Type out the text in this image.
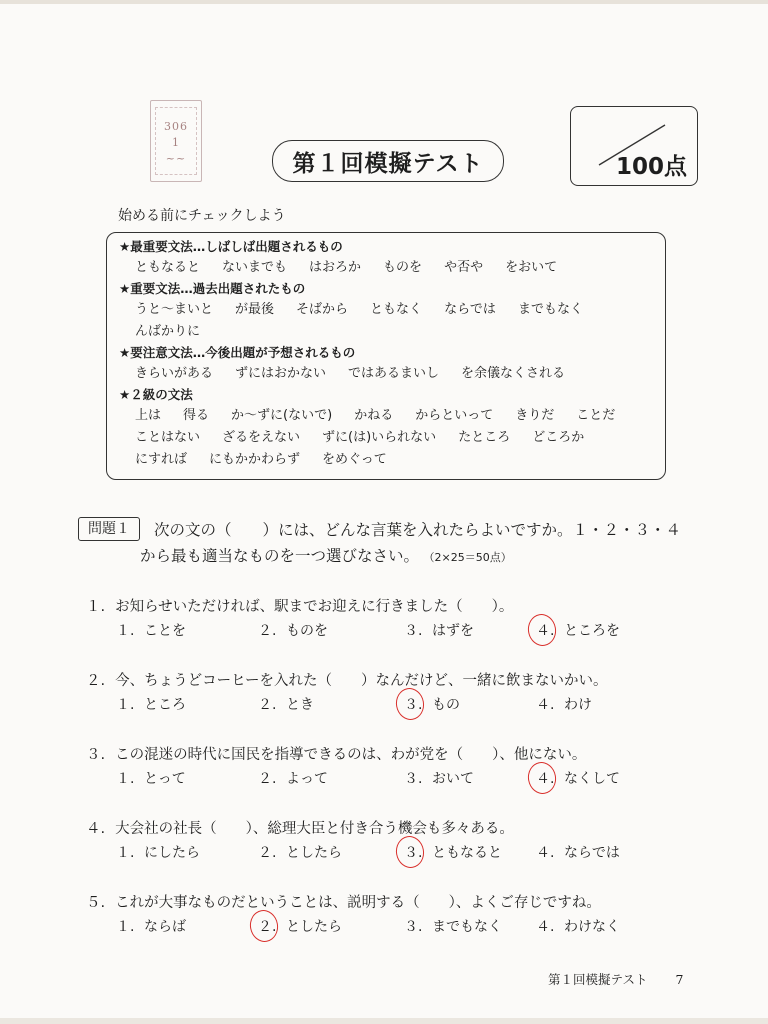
306
1
~~	第１回模擬テスト	100点
始める前にチェックしよう
★最重要文法…しばしば出題されるもの
ともなると ないまでも はおろか ものを や否や をおいて
★重要文法…過去出題されたもの
うと～まいと が最後 そばから ともなく ならでは までもなく
んばかりに
★要注意文法…今後出題が予想されるもの
きらいがある ずにはおかない ではあるまいし を余儀なくされる
★２級の文法
上は 得る か～ずに(ないで) かねる からといって きりだ ことだ
ことはない ざるをえない ずに(は)いられない たところ どころか
にすれば にもかかわらず をめぐって
問題１	次の文の（　　）には、どんな言葉を入れたらよいですか。１・２・３・４
から最も適当なものを一つ選びなさい。 （2×25＝50点）
１. お知らせいただければ、駅までお迎えに行きました（　　）。
１. ことを	２. ものを	３. はずを	４. ところを
２. 今、ちょうどコーヒーを入れた（　　）なんだけど、一緒に飲まないかい。
１. ところ	２. とき	３. もの	４. わけ
３. この混迷の時代に国民を指導できるのは、わが党を（　　）、他にない。
１. とって	２. よって	３. おいて	４. なくして
４. 大会社の社長（　　）、総理大臣と付き合う機会も多々ある。
１. にしたら	２. としたら	３. ともなると ４. ならでは
５. これが大事なものだということは、説明する（　　）、よくご存じですね。
１. ならば	２. としたら	３. までもなく ４. わけなく
第１回模擬テスト 7
